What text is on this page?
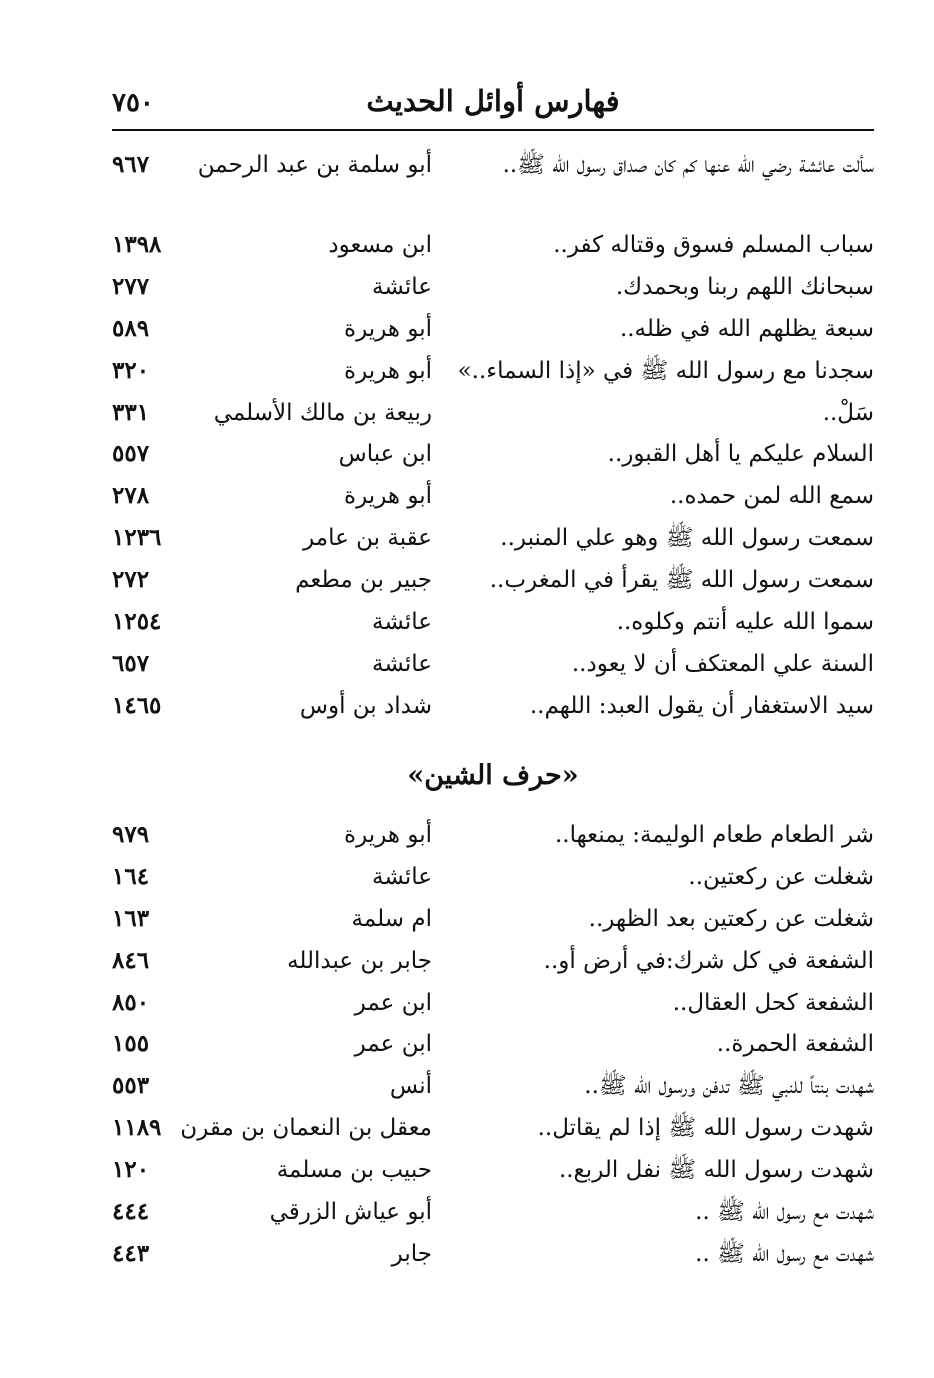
٧٥٠	فهارس أوائل الحديث
سألت عائشة رضي الله عنها كم كان صداق رسول الله ﷺ..
أبو سلمة بن عبد الرحمن
٩٦٧
سباب المسلم فسوق وقتاله كفر..
ابن مسعود
١٣٩٨
سبحانك اللهم ربنا وبحمدك.
عائشة
٢٧٧
سبعة يظلهم الله في ظله..
أبو هريرة
٥٨٩
سجدنا مع رسول الله ﷺ في «إذا السماء..»
أبو هريرة
٣٢٠
سَلْ..
ربيعة بن مالك الأسلمي
٣٣١
السلام عليكم يا أهل القبور..
ابن عباس
٥٥٧
سمع الله لمن حمده..
أبو هريرة
٢٧٨
سمعت رسول الله ﷺ وهو علي المنبر..
عقبة بن عامر
١٢٣٦
سمعت رسول الله ﷺ يقرأ في المغرب..
جبير بن مطعم
٢٧٢
سموا الله عليه أنتم وكلوه..
عائشة
١٢٥٤
السنة علي المعتكف أن لا يعود..
عائشة
٦٥٧
سيد الاستغفار أن يقول العبد: اللهم..
شداد بن أوس
١٤٦٥
«حرف الشين»
شر الطعام طعام الوليمة: يمنعها..
أبو هريرة
٩٧٩
شغلت عن ركعتين..
عائشة
١٦٤
شغلت عن ركعتين بعد الظهر..
ام سلمة
١٦٣
الشفعة في كل شرك:في أرض أو..
جابر بن عبدالله
٨٤٦
الشفعة كحل العقال..
ابن عمر
٨٥٠
الشفعة الحمرة..
ابن عمر
١٥٥
شهدت بنتاً للنبي ﷺ تدفن ورسول الله ﷺ..
أنس
٥٥٣
شهدت رسول الله ﷺ إذا لم يقاتل..
معقل بن النعمان بن مقرن
١١٨٩
شهدت رسول الله ﷺ نفل الربع..
حبيب بن مسلمة
١٢٠
شهدت مع رسول الله ﷺ ..
أبو عياش الزرقي
٤٤٤
شهدت مع رسول الله ﷺ ..
جابر
٤٤٣
